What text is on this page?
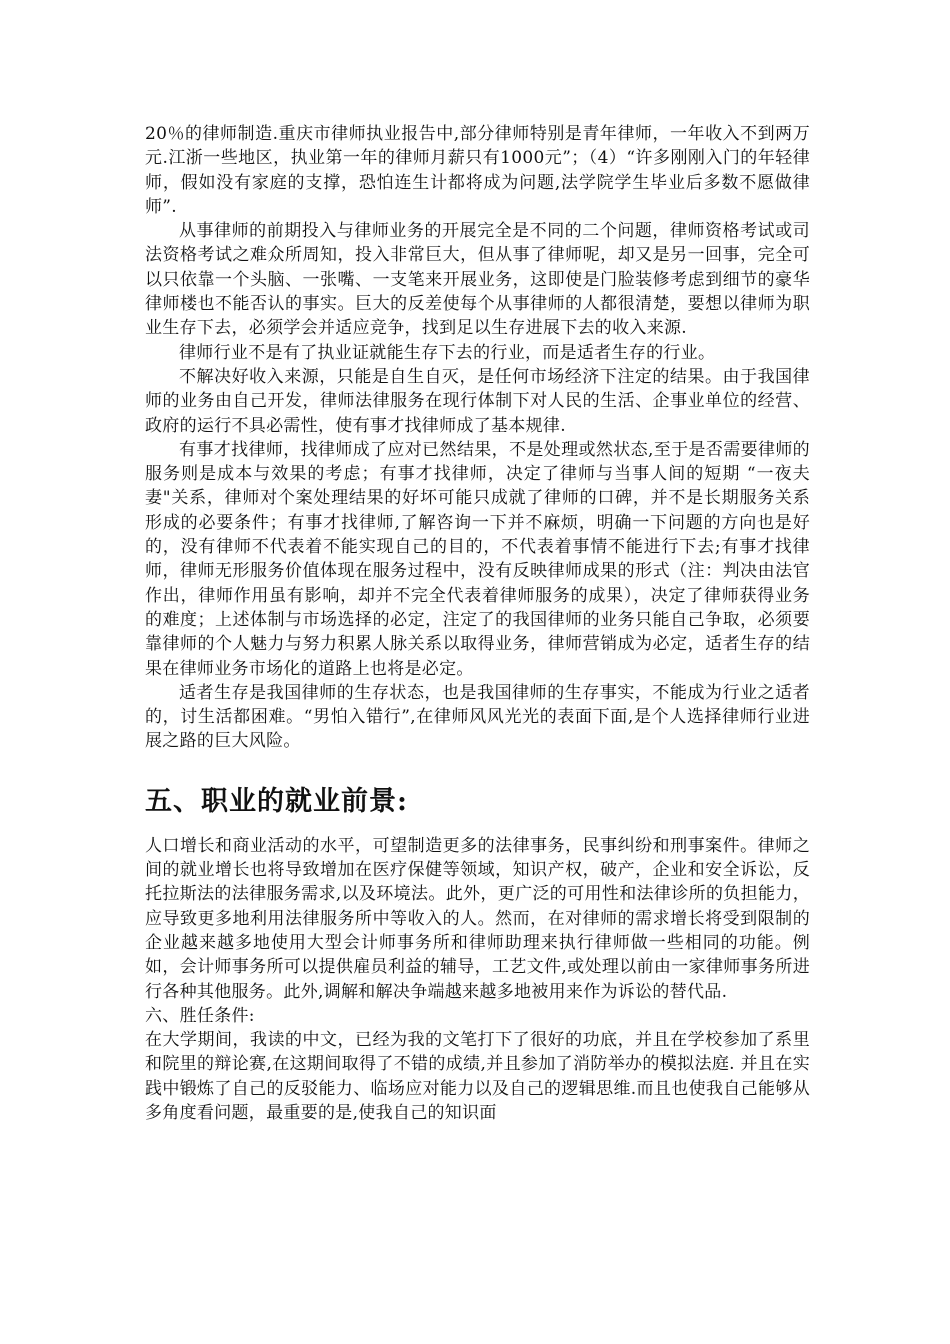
20％的律师制造.重庆市律师执业报告中,部分律师特别是青年律师，一年收入不到两万元.江浙一些地区，执业第一年的律师月薪只有1000元”；（4）“许多刚刚入门的年轻律师，假如没有家庭的支撑，恐怕连生计都将成为问题,法学院学生毕业后多数不愿做律师”.

从事律师的前期投入与律师业务的开展完全是不同的二个问题，律师资格考试或司法资格考试之难众所周知，投入非常巨大，但从事了律师呢，却又是另一回事，完全可以只依靠一个头脑、一张嘴、一支笔来开展业务，这即使是门脸装修考虑到细节的豪华律师楼也不能否认的事实。巨大的反差使每个从事律师的人都很清楚，要想以律师为职业生存下去，必须学会并适应竞争，找到足以生存进展下去的收入来源.

律师行业不是有了执业证就能生存下去的行业，而是适者生存的行业。

不解决好收入来源，只能是自生自灭，是任何市场经济下注定的结果。由于我国律师的业务由自己开发，律师法律服务在现行体制下对人民的生活、企事业单位的经营、政府的运行不具必需性，使有事才找律师成了基本规律.

有事才找律师，找律师成了应对已然结果，不是处理或然状态,至于是否需要律师的服务则是成本与效果的考虑；有事才找律师，决定了律师与当事人间的短期 “一夜夫妻"关系，律师对个案处理结果的好坏可能只成就了律师的口碑，并不是长期服务关系形成的必要条件；有事才找律师,了解咨询一下并不麻烦，明确一下问题的方向也是好的，没有律师不代表着不能实现自己的目的，不代表着事情不能进行下去;有事才找律师，律师无形服务价值体现在服务过程中，没有反映律师成果的形式（注：判决由法官作出，律师作用虽有影响，却并不完全代表着律师服务的成果），决定了律师获得业务的难度；上述体制与市场选择的必定，注定了的我国律师的业务只能自己争取，必须要靠律师的个人魅力与努力积累人脉关系以取得业务，律师营销成为必定，适者生存的结果在律师业务市场化的道路上也将是必定。

适者生存是我国律师的生存状态，也是我国律师的生存事实，不能成为行业之适者的，讨生活都困难。“男怕入错行”,在律师风风光光的表面下面,是个人选择律师行业进展之路的巨大风险。

五、职业的就业前景:

人口增长和商业活动的水平，可望制造更多的法律事务，民事纠纷和刑事案件。律师之间的就业增长也将导致增加在医疗保健等领域，知识产权，破产，企业和安全诉讼，反托拉斯法的法律服务需求,以及环境法。此外，更广泛的可用性和法律诊所的负担能力，应导致更多地利用法律服务所中等收入的人。然而，在对律师的需求增长将受到限制的企业越来越多地使用大型会计师事务所和律师助理来执行律师做一些相同的功能。例如，会计师事务所可以提供雇员利益的辅导，工艺文件,或处理以前由一家律师事务所进行各种其他服务。此外,调解和解决争端越来越多地被用来作为诉讼的替代品.

六、胜任条件:

在大学期间，我读的中文，已经为我的文笔打下了很好的功底，并且在学校参加了系里和院里的辩论赛,在这期间取得了不错的成绩,并且参加了消防举办的模拟法庭. 并且在实践中锻炼了自己的反驳能力、临场应对能力以及自己的逻辑思维.而且也使我自己能够从多角度看问题，最重要的是,使我自己的知识面
